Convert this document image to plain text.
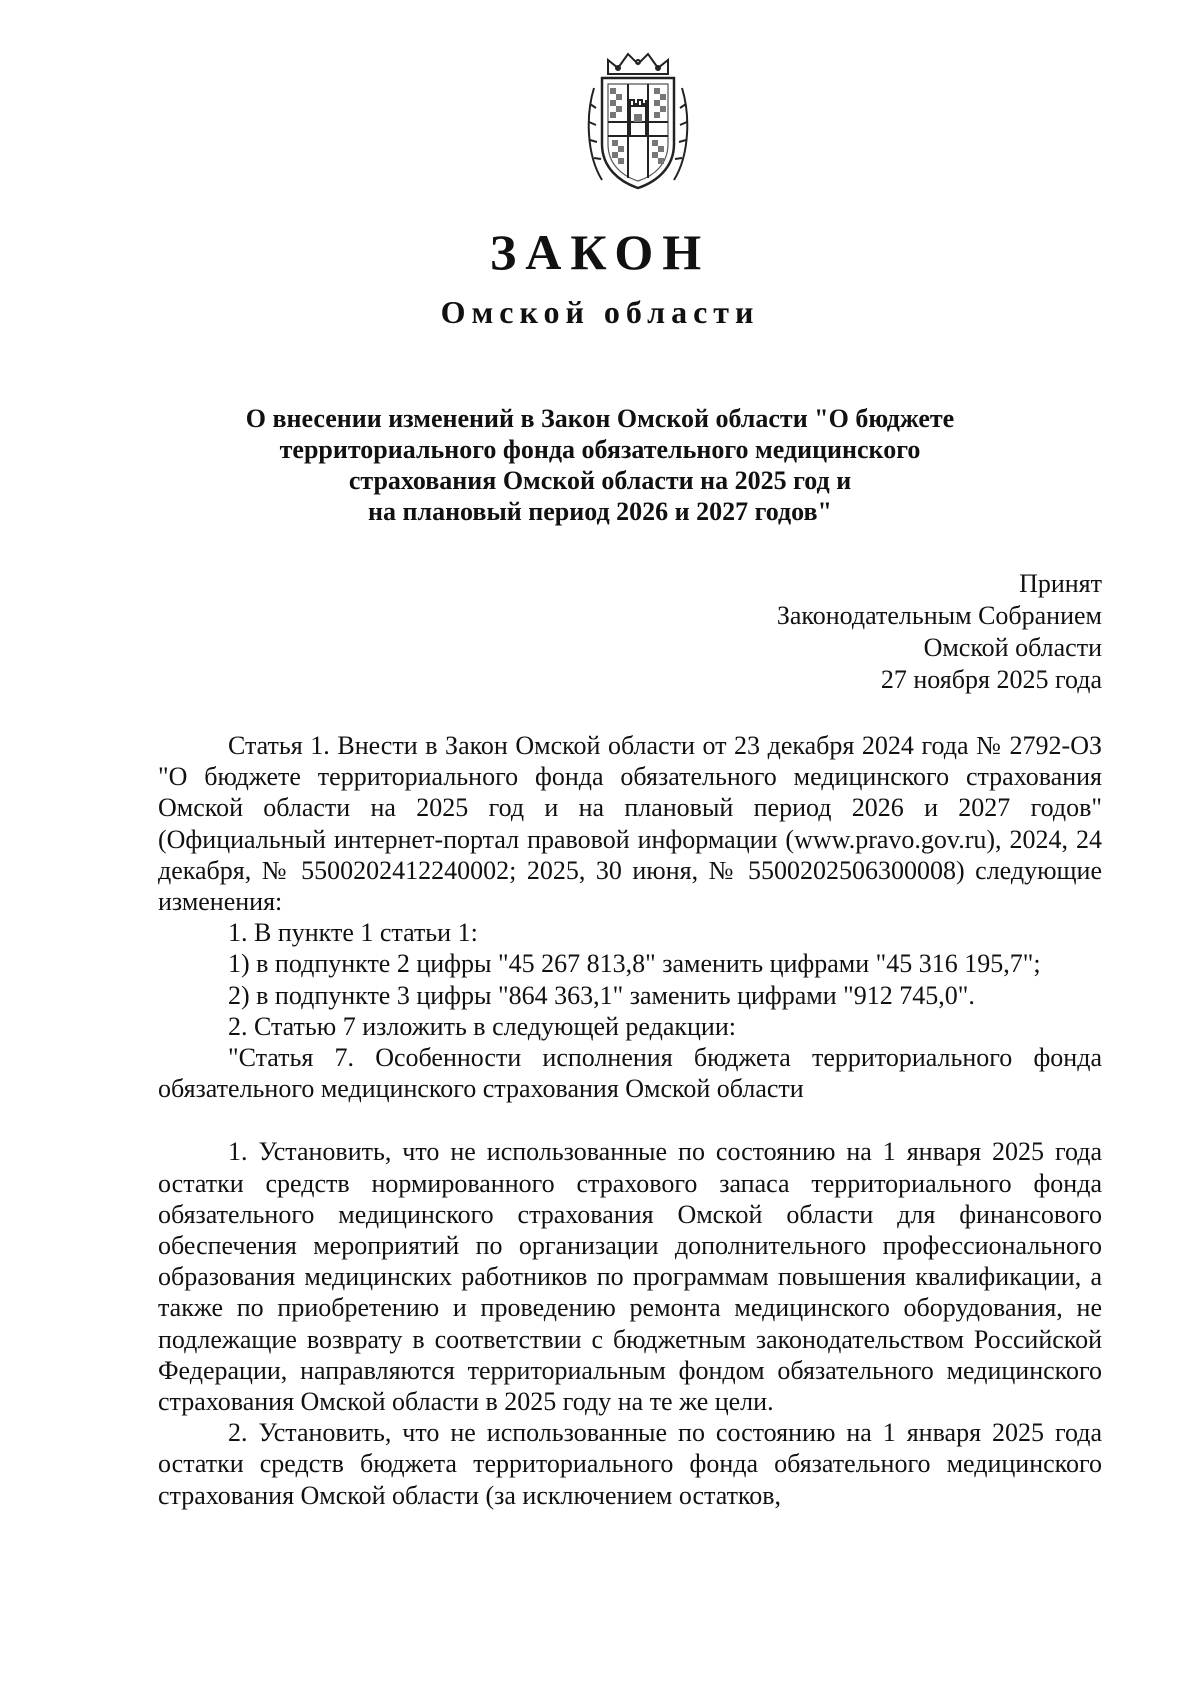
ЗАКОН
Омской области
О внесении изменений в Закон Омской области "О бюджете
территориального фонда обязательного медицинского
страхования Омской области на 2025 год и
на плановый период 2026 и 2027 годов"
Принят
Законодательным Собранием
Омской области
27 ноября 2025 года

Статья 1. Внести в Закон Омской области от 23 декабря 2024 года № 2792-ОЗ "О бюджете территориального фонда обязательного медицинского страхования Омской области на 2025 год и на плановый период 2026 и 2027 годов" (Официальный интернет-портал правовой информации (www.pravo.gov.ru), 2024, 24 декабря, № 5500202412240002; 2025, 30 июня, № 5500202506300008) следующие изменения:

1. В пункте 1 статьи 1:

1) в подпункте 2 цифры "45 267 813,8" заменить цифрами "45 316 195,7";

2) в подпункте 3 цифры "864 363,1" заменить цифрами "912 745,0".

2. Статью 7 изложить в следующей редакции:

"Статья 7. Особенности исполнения бюджета территориального фонда обязательного медицинского страхования Омской области

1. Установить, что не использованные по состоянию на 1 января 2025 года остатки средств нормированного страхового запаса территориального фонда обязательного медицинского страхования Омской области для финансового обеспечения мероприятий по организации дополнительного профессионального образования медицинских работников по программам повышения квалификации, а также по приобретению и проведению ремонта медицинского оборудования, не подлежащие возврату в соответствии с бюджетным законодательством Российской Федерации, направляются территориальным фондом обязательного медицинского страхования Омской области в 2025 году на те же цели.

2. Установить, что не использованные по состоянию на 1 января 2025 года остатки средств бюджета территориального фонда обязательного медицинского страхования Омской области (за исключением остатков,
